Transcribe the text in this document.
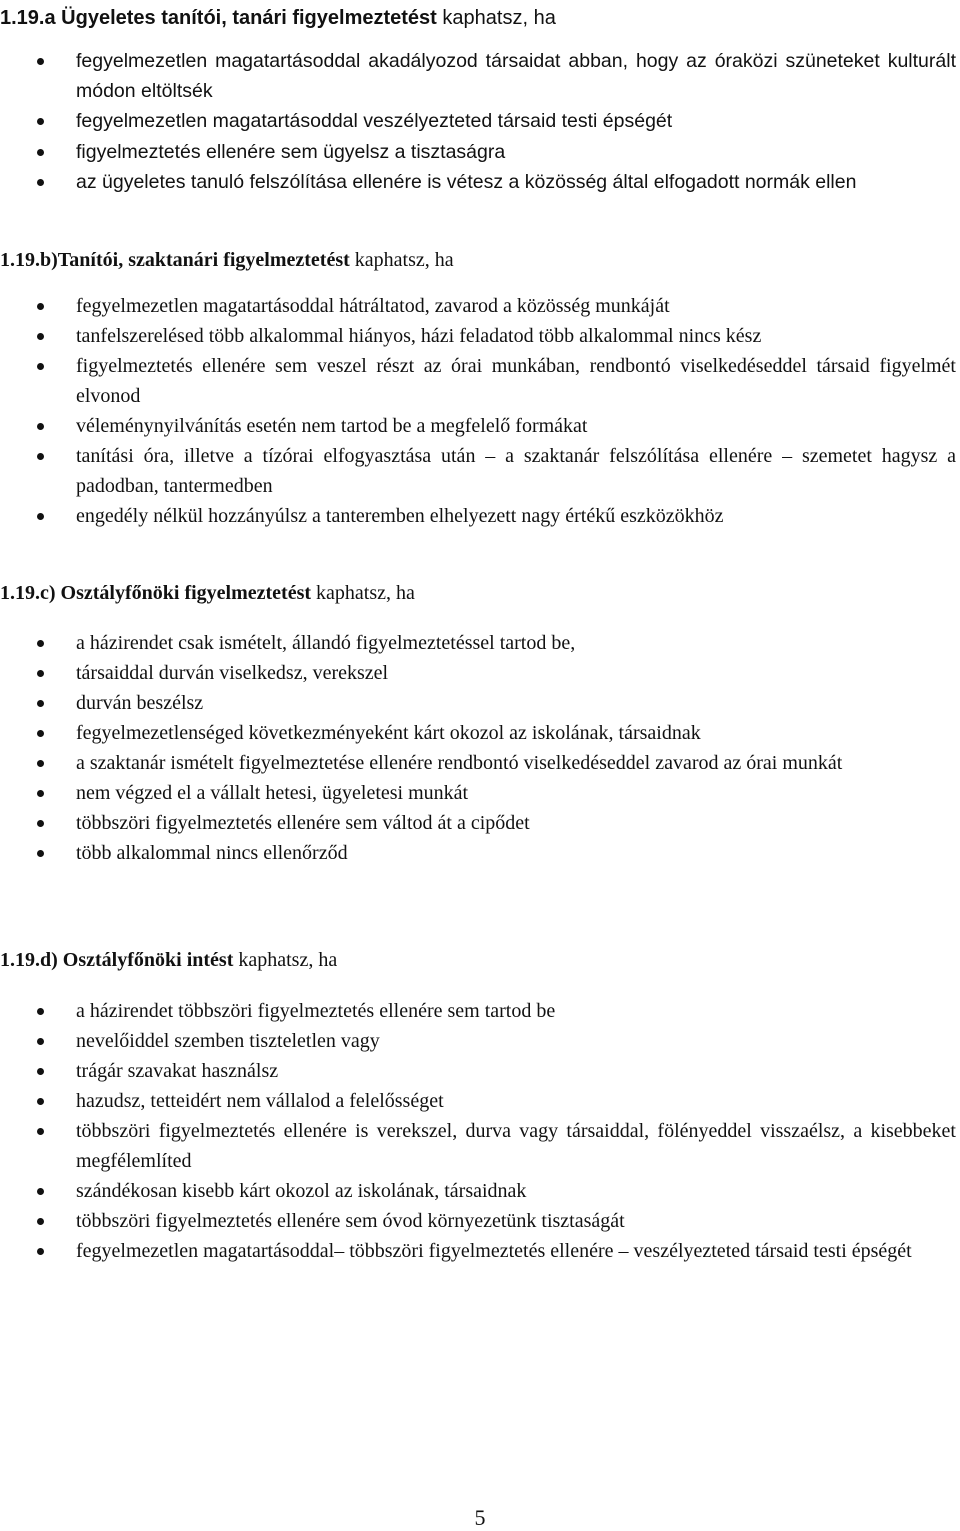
1.19.a Ügyeletes tanítói, tanári figyelmeztetést kaphatsz, ha

fegyelmezetlen magatartásoddal akadályozod társaidat abban, hogy az óraközi szüneteket kulturált módon eltöltsék
fegyelmezetlen magatartásoddal veszélyezteted társaid testi épségét
figyelmeztetés ellenére sem ügyelsz a tisztaságra
az ügyeletes tanuló felszólítása ellenére is vétesz a közösség által elfogadott normák ellen

1.19.b)Tanítói, szaktanári figyelmeztetést kaphatsz, ha

fegyelmezetlen magatartásoddal hátráltatod, zavarod a közösség munkáját
tanfelszerelésed több alkalommal hiányos, házi feladatod több alkalommal nincs kész
figyelmeztetés ellenére sem veszel részt az órai munkában, rendbontó viselkedéseddel társaid figyelmét elvonod
véleménynyilvánítás esetén nem tartod be a megfelelő formákat
tanítási óra, illetve a tízórai elfogyasztása után – a szaktanár felszólítása ellenére – szemetet hagysz a padodban, tantermedben
engedély nélkül hozzányúlsz a tanteremben elhelyezett nagy értékű eszközökhöz

1.19.c) Osztályfőnöki figyelmeztetést kaphatsz, ha

a házirendet csak ismételt, állandó figyelmeztetéssel tartod be,
társaiddal durván viselkedsz, verekszel
durván beszélsz
fegyelmezetlenséged következményeként kárt okozol az iskolának, társaidnak
a szaktanár ismételt figyelmeztetése ellenére rendbontó viselkedéseddel zavarod az órai munkát
nem végzed el a vállalt hetesi, ügyeletesi munkát
többszöri figyelmeztetés ellenére sem váltod át a cipődet
több alkalommal nincs ellenőrződ

1.19.d) Osztályfőnöki intést kaphatsz, ha

a házirendet többszöri figyelmeztetés ellenére sem tartod be
nevelőiddel szemben tiszteletlen vagy
trágár szavakat használsz
hazudsz, tetteidért nem vállalod a felelősséget
többszöri figyelmeztetés ellenére is verekszel, durva vagy társaiddal, fölényeddel visszaélsz, a kisebbeket megfélemlíted
szándékosan kisebb kárt okozol az iskolának, társaidnak
többszöri figyelmeztetés ellenére sem óvod környezetünk tisztaságát
fegyelmezetlen magatartásoddal– többszöri figyelmeztetés ellenére – veszélyezteted társaid testi épségét
5
